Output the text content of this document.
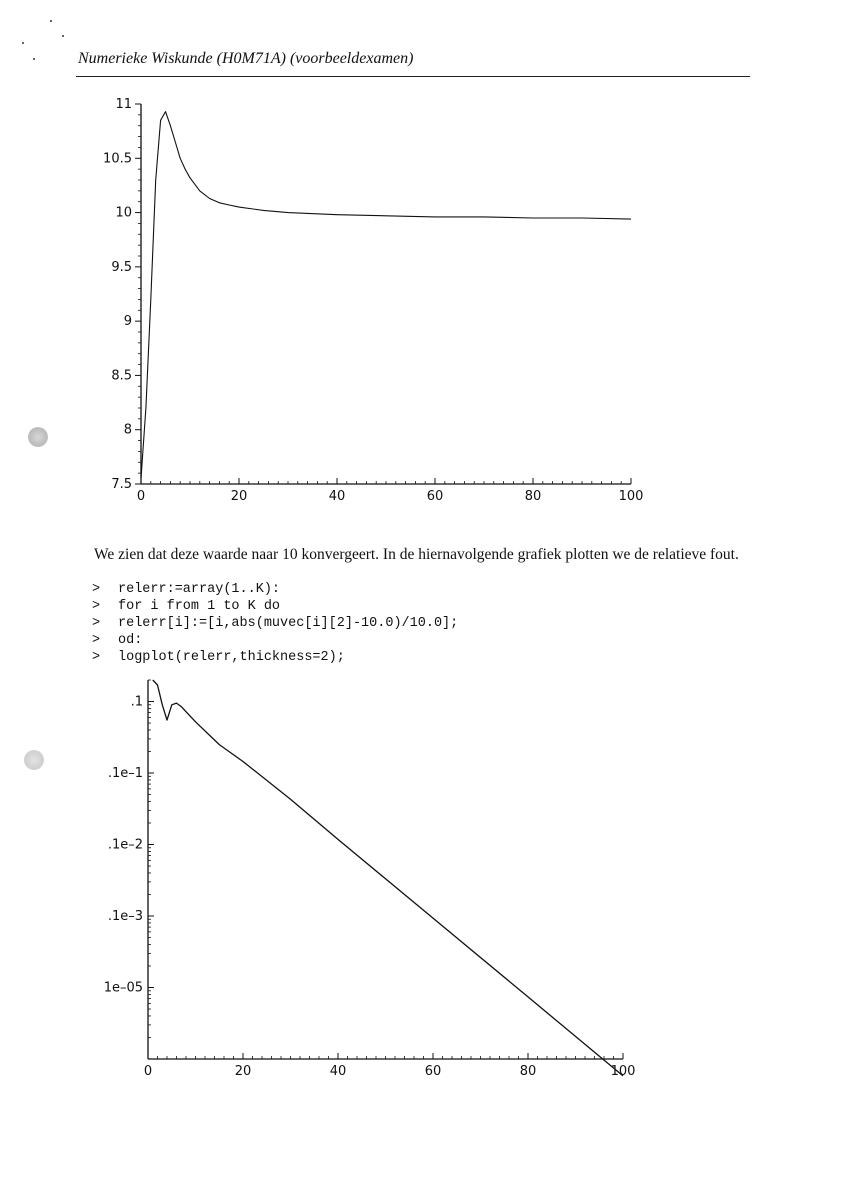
Numerieke Wiskunde (H0M71A) (voorbeeldexamen)
0	20	40	60	80	100
7.5
8
8.5
9
9.5
10
10.5
11
We zien dat deze waarde naar 10 konvergeert. In de hiernavolgende grafiek plotten we de relatieve fout.
> relerr:=array(1..K):
> for i from 1 to K do
> relerr[i]:=[i,abs(muvec[i][2]-10.0)/10.0];
> od:
> logplot(relerr,thickness=2);
0	20	40	60	80	100
.1
.1e–1
.1e–2
.1e–3
1e–05
